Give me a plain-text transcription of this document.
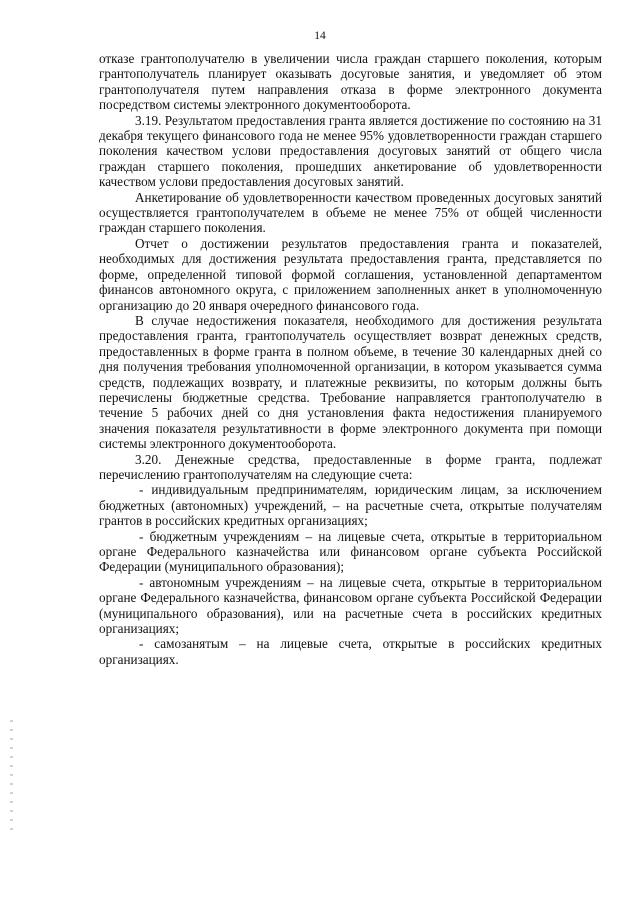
14

отказе грантополучателю в увеличении числа граждан старшего поколения, которым грантополучатель планирует оказывать досуговые занятия, и уведомляет об этом грантополучателя путем направления отказа в форме электронного документа посредством системы электронного документооборота.

3.19. Результатом предоставления гранта является достижение по состоянию на 31 декабря текущего финансового года не менее 95% удовлетворенности граждан старшего поколения качеством услови предоставления досуговых занятий от общего числа граждан старшего поколения, прошедших анкетирование об удовлетворенности качеством услови предоставления досуговых занятий.

Анкетирование об удовлетворенности качеством проведенных досуговых занятий осуществляется грантополучателем в объеме не менее 75% от общей численности граждан старшего поколения.

Отчет о достижении результатов предоставления гранта и показателей, необходимых для достижения результата предоставления гранта, представляется по форме, определенной типовой формой соглашения, установленной департаментом финансов автономного округа, с приложением заполненных анкет в уполномоченную организацию до 20 января очередного финансового года.

В случае недостижения показателя, необходимого для достижения результата предоставления гранта, грантополучатель осуществляет возврат денежных средств, предоставленных в форме гранта в полном объеме, в течение 30 календарных дней со дня получения требования уполномоченной организации, в котором указывается сумма средств, подлежащих возврату, и платежные реквизиты, по которым должны быть перечислены бюджетные средства. Требование направляется грантополучателю в течение 5 рабочих дней со дня установления факта недостижения планируемого значения показателя результативности в форме электронного документа при помощи системы электронного документооборота.

3.20. Денежные средства, предоставленные в форме гранта, подлежат перечислению грантополучателям на следующие счета:

- индивидуальным предпринимателям, юридическим лицам, за исключением бюджетных (автономных) учреждений, – на расчетные счета, открытые получателям грантов в российских кредитных организациях;

- бюджетным учреждениям – на лицевые счета, открытые в территориальном органе Федерального казначейства или финансовом органе субъекта Российской Федерации (муниципального образования);

- автономным учреждениям – на лицевые счета, открытые в территориальном органе Федерального казначейства, финансовом органе субъекта Российской Федерации (муниципального образования), или на расчетные счета в российских кредитных организациях;

- самозанятым – на лицевые счета, открытые в российских кредитных организациях.
